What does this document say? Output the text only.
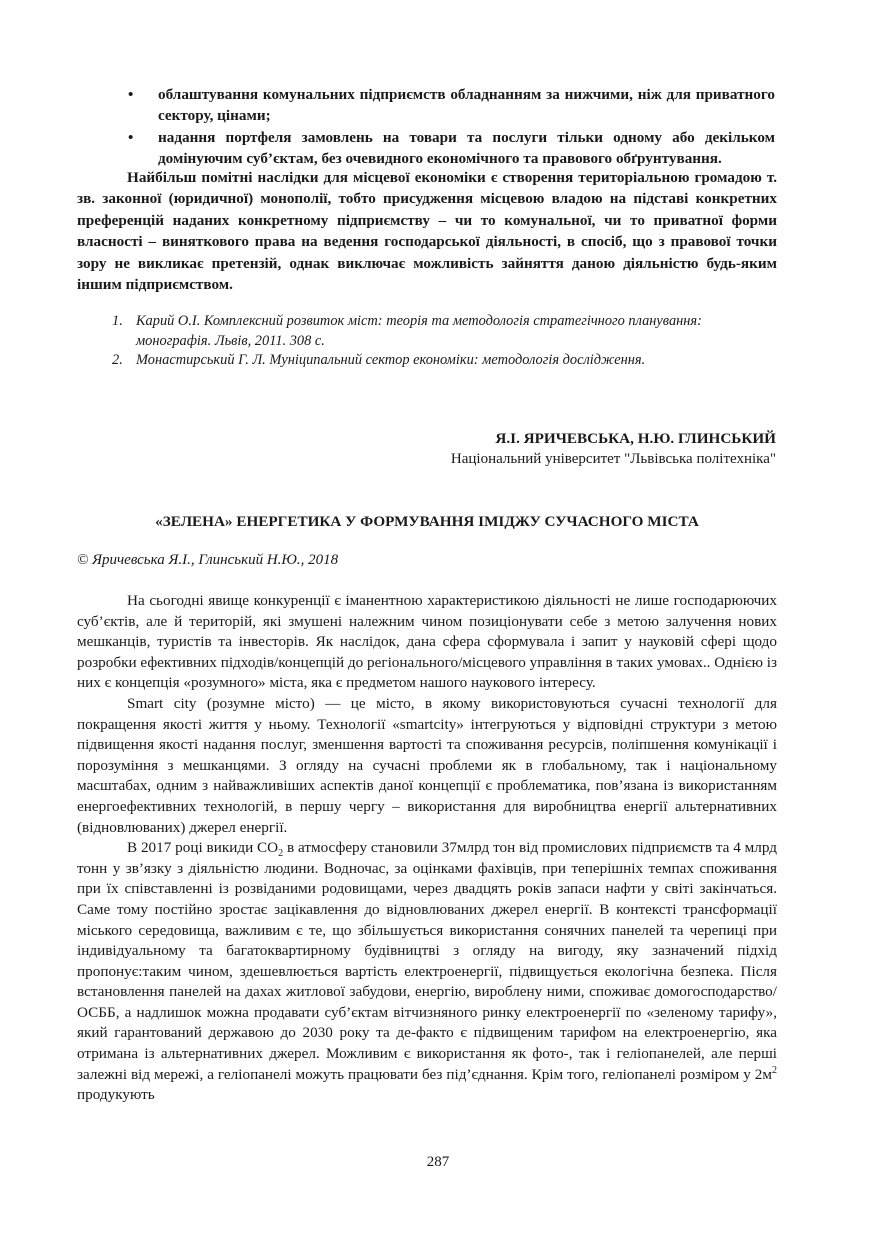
• облаштування комунальних підприємств обладнанням за нижчими, ніж для приватного сектору, цінами;
• надання портфеля замовлень на товари та послуги тільки одному або декільком домінуючим суб’єктам, без очевидного економічного та правового обґрунтування.

Найбільш помітні наслідки для місцевої економіки є створення територіальною громадою т. зв. законної (юридичної) монополії, тобто присудження місцевою владою на підставі конкретних преференцій наданих конкретному підприємству – чи то комунальної, чи то приватної форми власності – виняткового права на ведення господарської діяльності, в спосіб, що з правової точки зору не викликає претензій, однак виключає можливість зайняття даною діяльністю будь-яким іншим підприємством.

1. Карий О.І. Комплексний розвиток міст: теорія та методологія стратегічного планування: монографія. Львів, 2011. 308 с.
2. Монастирський Г. Л. Муніципальний сектор економіки: методологія дослідження.
Я.І. ЯРИЧЕВСЬКА, Н.Ю. ГЛИНСЬКИЙ
Національний університет "Львівська політехніка"
«ЗЕЛЕНА» ЕНЕРГЕТИКА У ФОРМУВАННЯ ІМІДЖУ СУЧАСНОГО МІСТА
© Яричевська Я.І., Глинський Н.Ю., 2018

На сьогодні явище конкуренції є іманентною характеристикою діяльності не лише господарюючих суб’єктів, але й територій, які змушені належним чином позиціонувати себе з метою залучення нових мешканців, туристів та інвесторів. Як наслідок, дана сфера сформувала і запит у науковій сфері щодо розробки ефективних підходів/концепцій до регіонального/місцевого управління в таких умовах.. Однією із них є концепція «розумного» міста, яка є предметом нашого наукового інтересу.

Smart city (розумне місто) — це місто, в якому використовуються сучасні технології для покращення якості життя у ньому. Технології «smartcity» інтегруються у відповідні структури з метою підвищення якості надання послуг, зменшення вартості та споживання ресурсів, поліпшення комунікації і порозуміння з мешканцями. З огляду на сучасні проблеми як в глобальному, так і національному масштабах, одним з найважливіших аспектів даної концепції є проблематика, пов’язана із використанням енергоефективних технологій, в першу чергу – використання для виробництва енергії альтернативних (відновлюваних) джерел енергії.

В 2017 році викиди $CO_2$ в атмосферу становили 37млрд тон від промислових підприємств та 4 млрд тонн у зв’язку з діяльністю людини. Водночас, за оцінками фахівців, при теперішніх темпах споживання при їх співставленні із розвіданими родовищами, через двадцять років запаси нафти у світі закінчаться. Саме тому постійно зростає зацікавлення до відновлюваних джерел енергії. В контексті трансформації міського середовища, важливим є те, що збільшується використання сонячних панелей та черепиці при індивідуальному та багатоквартирному будівництві з огляду на вигоду, яку зазначений підхід пропонує:таким чином, здешевлюється вартість електроенергії, підвищується екологічна безпека. Після встановлення панелей на дахах житлової забудови, енергію, вироблену ними, споживає домогосподарство/ОСББ, а надлишок можна продавати суб’єктам вітчизняного ринку електроенергії по «зеленому тарифу», який гарантований державою до 2030 року та де-факто є підвищеним тарифом на електроенергію, яка отримана із альтернативних джерел. Можливим є використання як фото-, так і геліопанелей, але перші залежні від мережі, а геліопанелі можуть працювати без під’єднання. Крім того, геліопанелі розміром у $2м^2$ продукують

287
